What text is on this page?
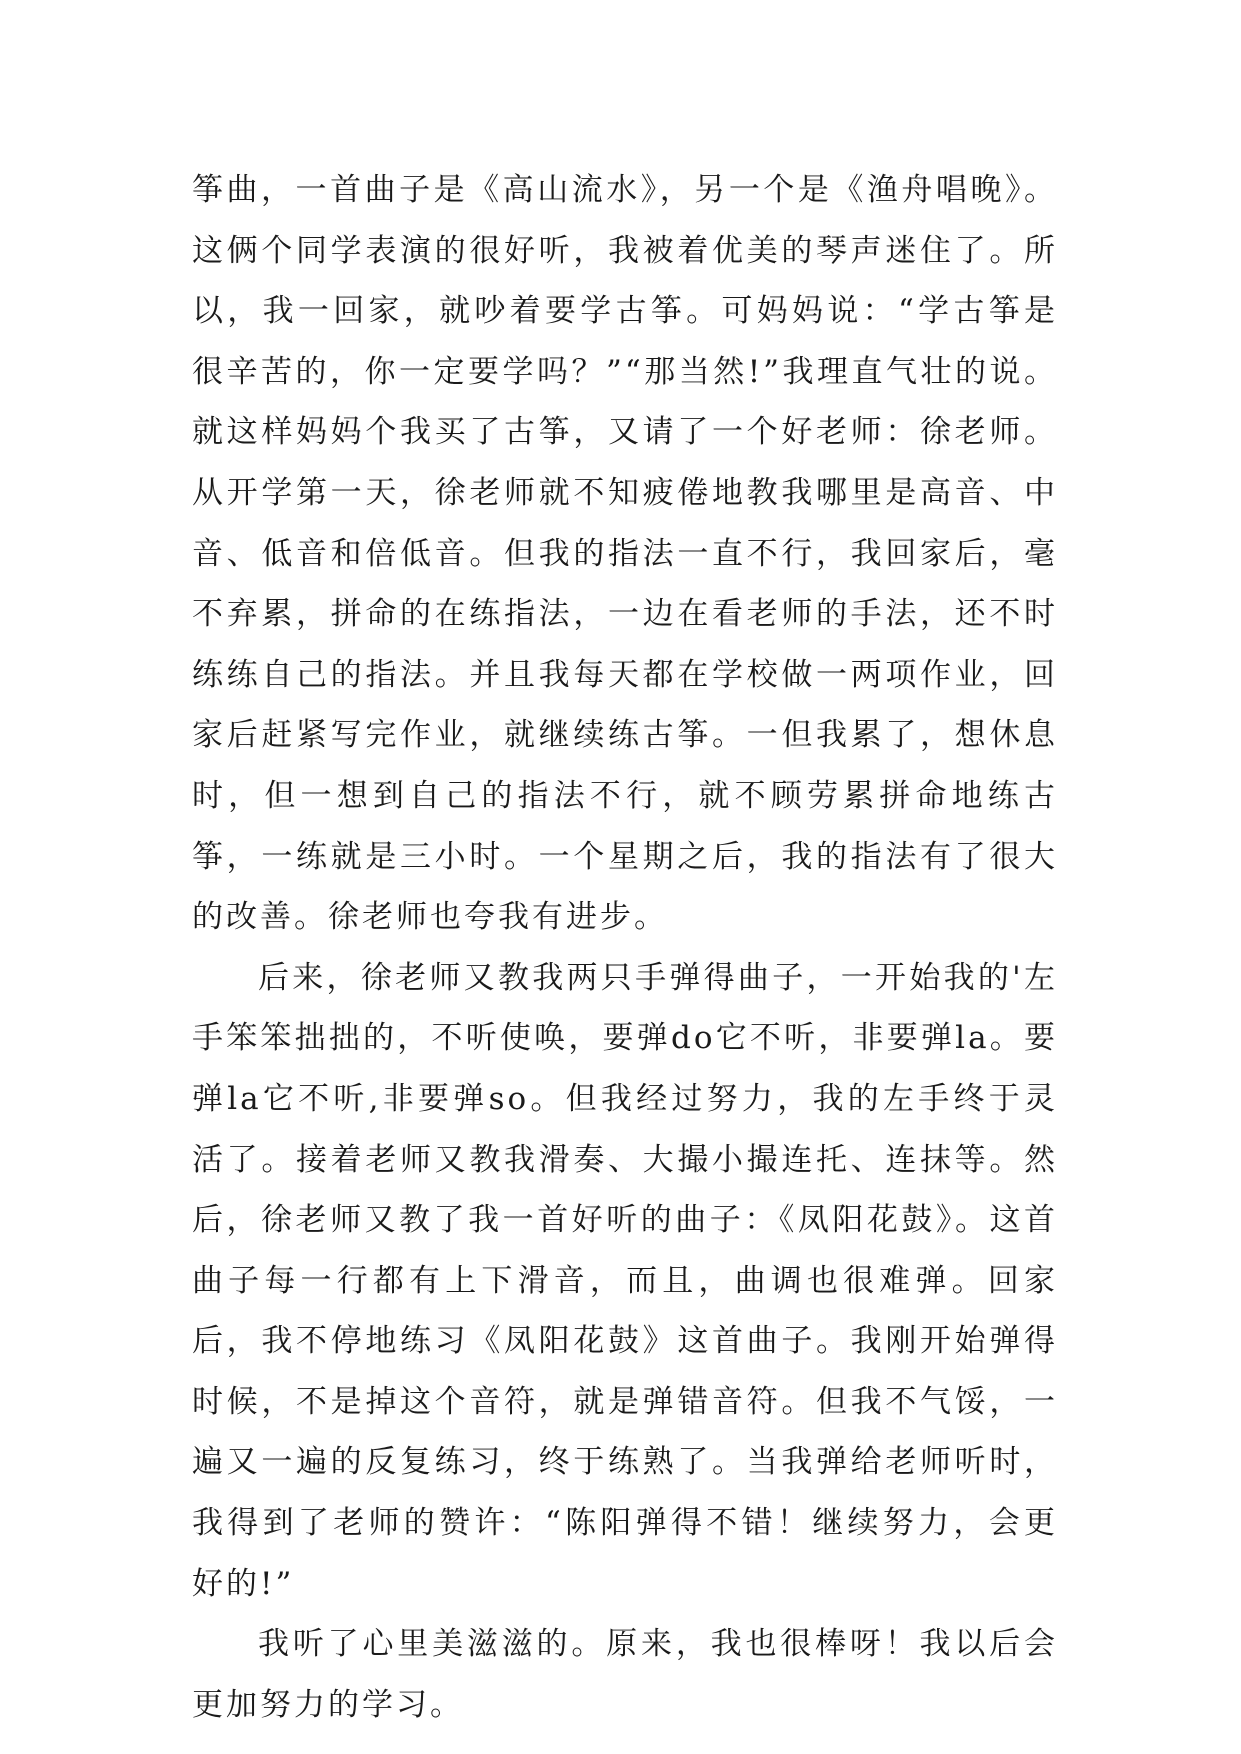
筝曲，一首曲子是《高山流水》，另一个是《渔舟唱晚》。这俩个同学表演的很好听，我被着优美的琴声迷住了。所以，我一回家，就吵着要学古筝。可妈妈说：“学古筝是很辛苦的，你一定要学吗？”“那当然!”我理直气壮的说。就这样妈妈个我买了古筝，又请了一个好老师：徐老师。从开学第一天，徐老师就不知疲倦地教我哪里是高音、中音、低音和倍低音。但我的指法一直不行，我回家后，毫不弃累，拼命的在练指法，一边在看老师的手法，还不时练练自己的指法。并且我每天都在学校做一两项作业，回家后赶紧写完作业，就继续练古筝。一但我累了，想休息时，但一想到自己的指法不行，就不顾劳累拼命地练古筝，一练就是三小时。一个星期之后，我的指法有了很大的改善。徐老师也夸我有进步。

后来，徐老师又教我两只手弹得曲子，一开始我的'左手笨笨拙拙的，不听使唤，要弹do它不听，非要弹la。要弹la它不听,非要弹so。但我经过努力，我的左手终于灵活了。接着老师又教我滑奏、大撮小撮连托、连抹等。然后，徐老师又教了我一首好听的曲子：《凤阳花鼓》。这首曲子每一行都有上下滑音，而且，曲调也很难弹。回家后，我不停地练习《凤阳花鼓》这首曲子。我刚开始弹得时候，不是掉这个音符，就是弹错音符。但我不气馁，一遍又一遍的反复练习，终于练熟了。当我弹给老师听时，我得到了老师的赞许：“陈阳弹得不错！继续努力，会更好的!”

我听了心里美滋滋的。原来，我也很棒呀！我以后会更加努力的学习。
